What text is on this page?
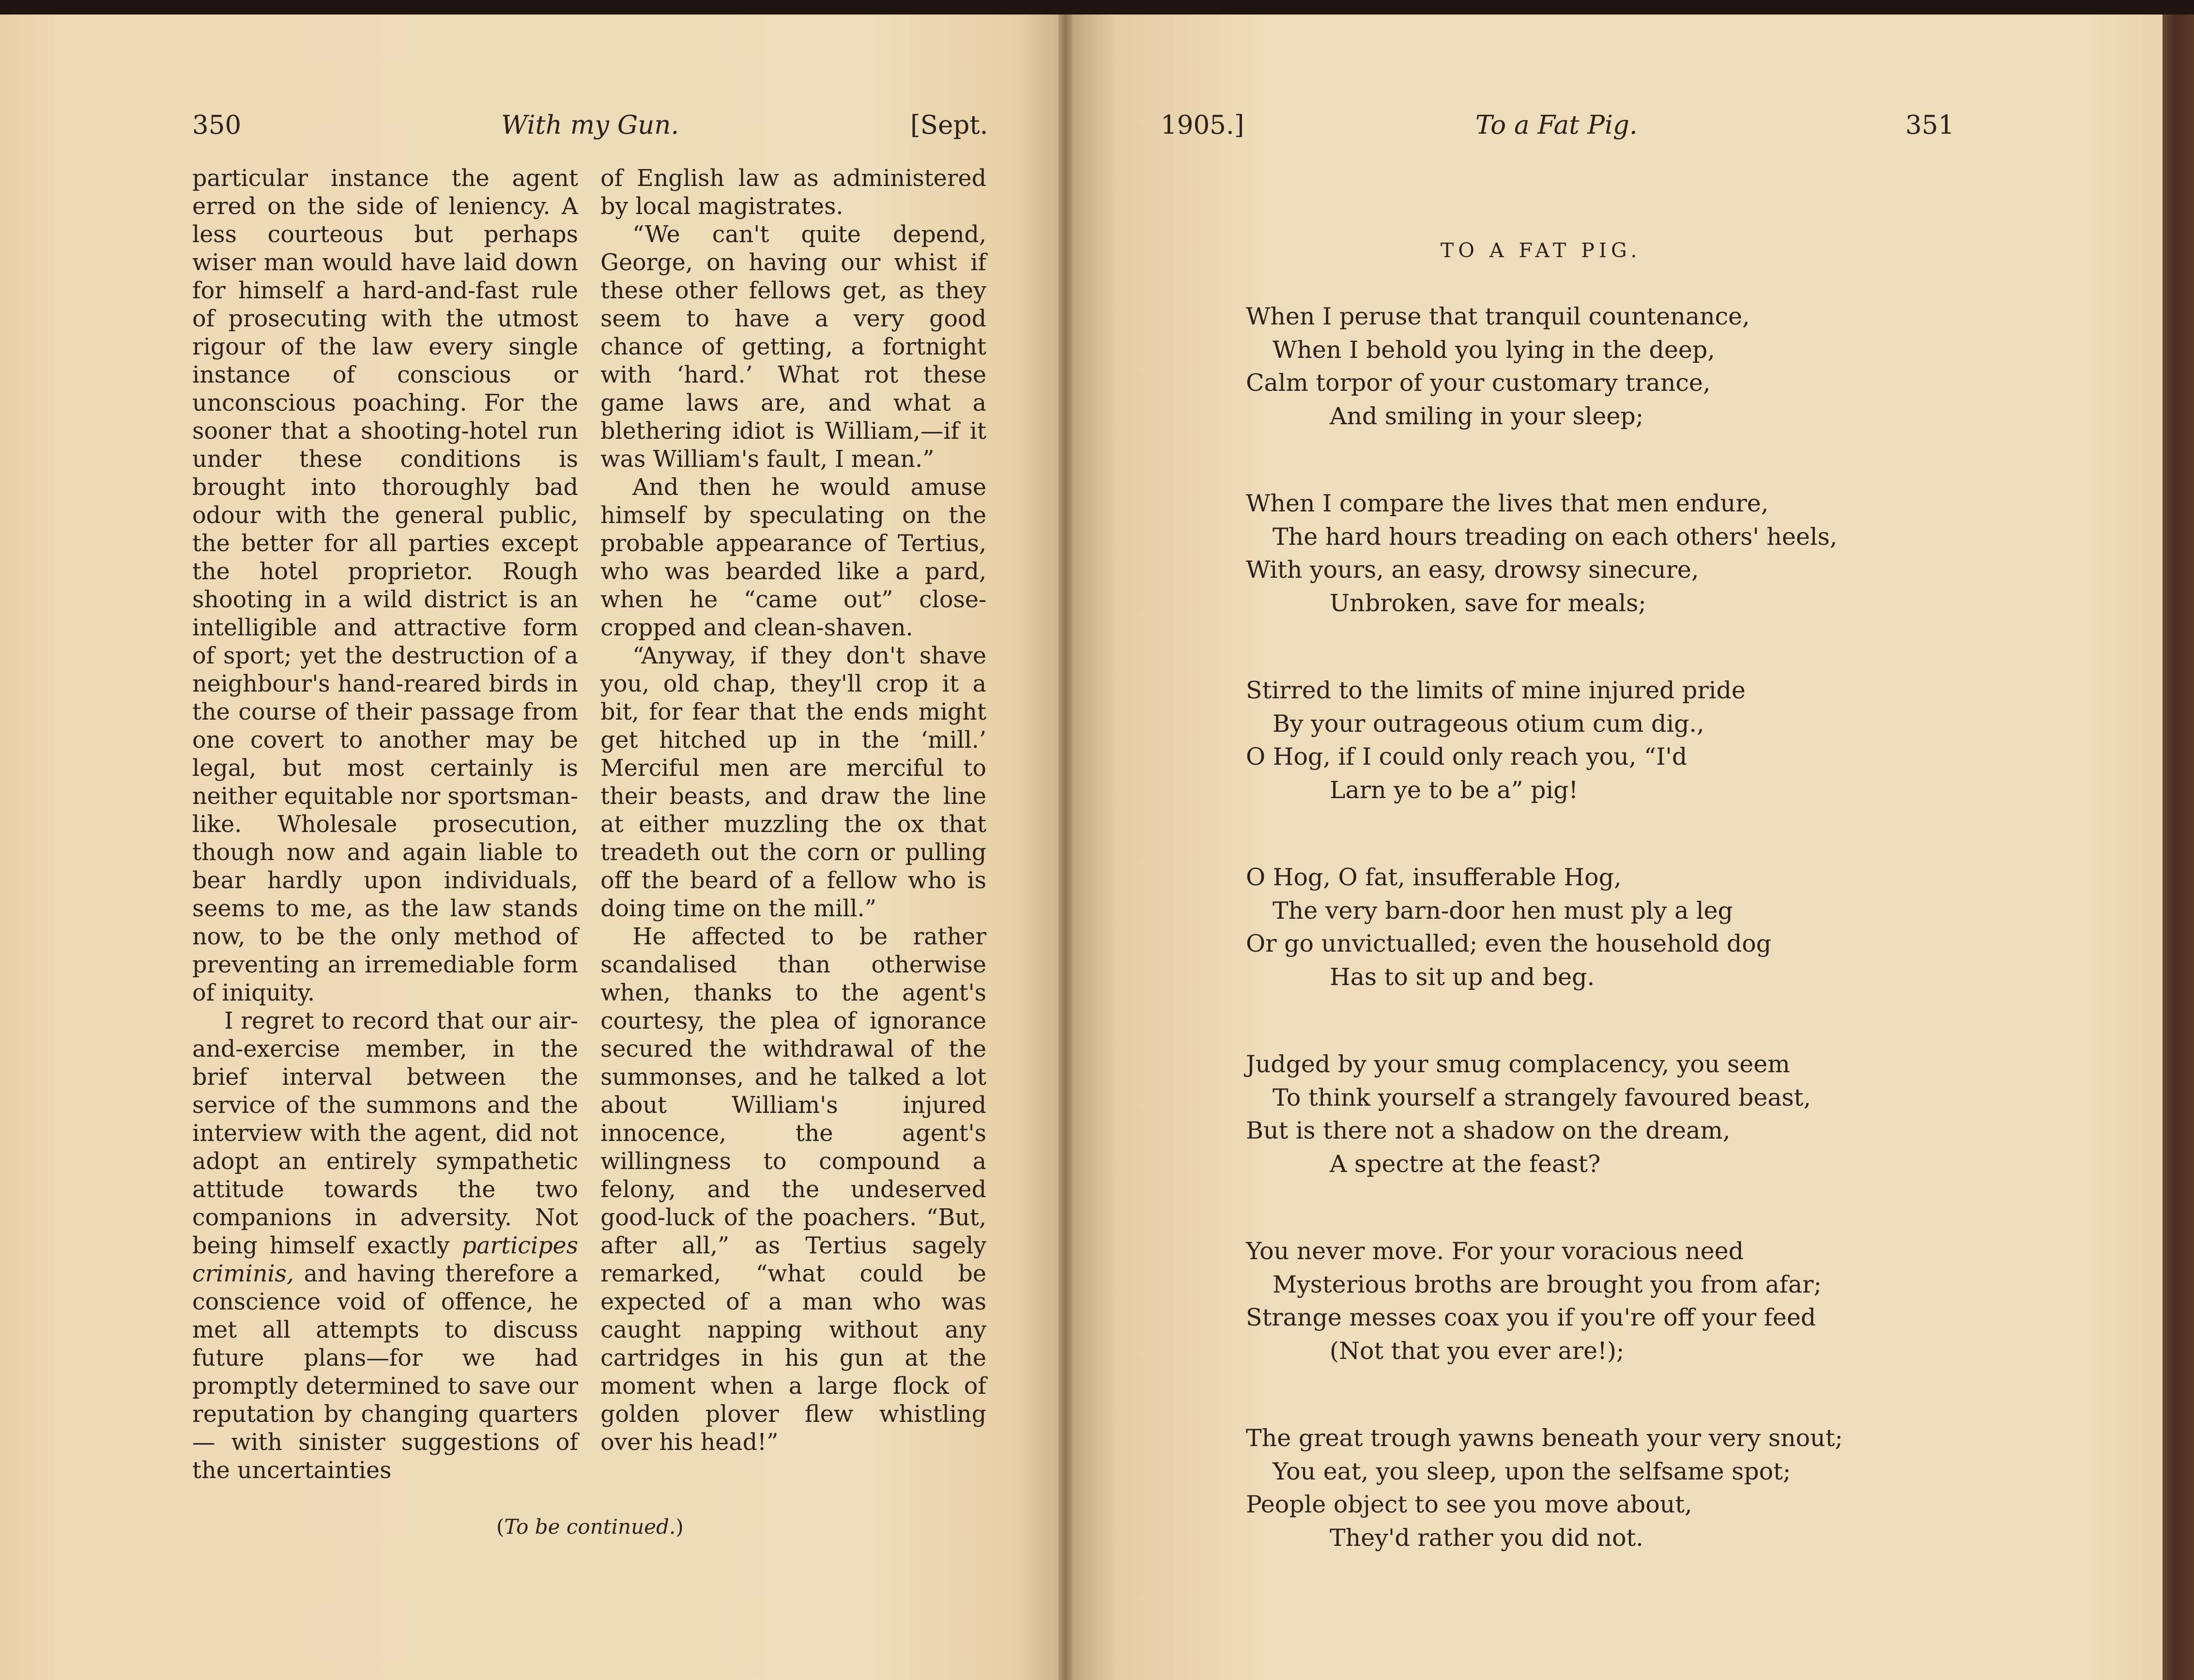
350	With my Gun.	[Sept.

particular instance the agent erred on the side of leniency. A less courteous but perhaps wiser man would have laid down for himself a hard-and-fast rule of prosecuting with the utmost rigour of the law every single instance of conscious or unconscious poaching. For the sooner that a shooting-hotel run under these conditions is brought into thoroughly bad odour with the general public, the better for all parties except the hotel proprietor. Rough shooting in a wild district is an intelligible and attractive form of sport; yet the destruction of a neighbour's hand-reared birds in the course of their passage from one covert to another may be legal, but most certainly is neither equitable nor sportsman-like. Wholesale prosecution, though now and again liable to bear hardly upon individuals, seems to me, as the law stands now, to be the only method of preventing an irremediable form of iniquity.

I regret to record that our air-and-exercise member, in the brief interval between the service of the summons and the interview with the agent, did not adopt an entirely sympathetic attitude towards the two companions in adversity. Not being himself exactly participes criminis, and having therefore a conscience void of offence, he met all attempts to discuss future plans—for we had promptly determined to save our reputation by changing quarters — with sinister suggestions of the uncertainties

of English law as administered by local magistrates.

“We can't quite depend, George, on having our whist if these other fellows get, as they seem to have a very good chance of getting, a fortnight with ‘hard.’ What rot these game laws are, and what a blethering idiot is William,—if it was William's fault, I mean.”

And then he would amuse himself by speculating on the probable appearance of Tertius, who was bearded like a pard, when he “came out” close-cropped and clean-shaven.

“Anyway, if they don't shave you, old chap, they'll crop it a bit, for fear that the ends might get hitched up in the ‘mill.’ Merciful men are merciful to their beasts, and draw the line at either muzzling the ox that treadeth out the corn or pulling off the beard of a fellow who is doing time on the mill.”

He affected to be rather scandalised than otherwise when, thanks to the agent's courtesy, the plea of ignorance secured the withdrawal of the summonses, and he talked a lot about William's injured innocence, the agent's willingness to compound a felony, and the undeserved good-luck of the poachers. “But, after all,” as Tertius sagely remarked, “what could be expected of a man who was caught napping without any cartridges in his gun at the moment when a large flock of golden plover flew whistling over his head!”

(To be continued.)
1905.]	To a Fat Pig.	351
TO A FAT PIG.
When I peruse that tranquil countenance,
When I behold you lying in the deep,
Calm torpor of your customary trance,
And smiling in your sleep;
When I compare the lives that men endure,
The hard hours treading on each others' heels,
With yours, an easy, drowsy sinecure,
Unbroken, save for meals;
Stirred to the limits of mine injured pride
By your outrageous otium cum dig.,
O Hog, if I could only reach you, “I'd
Larn ye to be a” pig!
O Hog, O fat, insufferable Hog,
The very barn-door hen must ply a leg
Or go unvictualled; even the household dog
Has to sit up and beg.
Judged by your smug complacency, you seem
To think yourself a strangely favoured beast,
But is there not a shadow on the dream,
A spectre at the feast?
You never move. For your voracious need
Mysterious broths are brought you from afar;
Strange messes coax you if you're off your feed
(Not that you ever are!);
The great trough yawns beneath your very snout;
You eat, you sleep, upon the selfsame spot;
People object to see you move about,
They'd rather you did not.
